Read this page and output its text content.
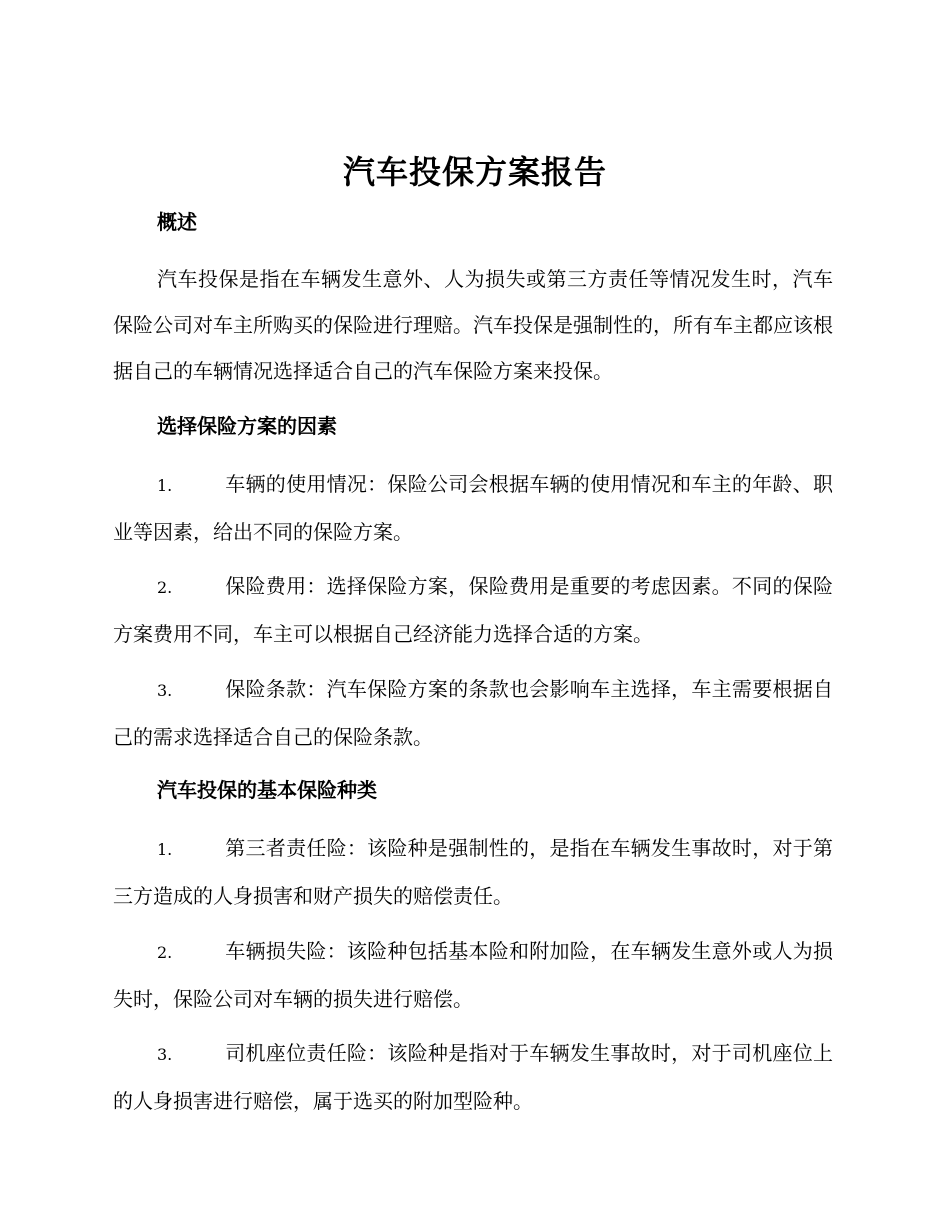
汽车投保方案报告
概述

汽车投保是指在车辆发生意外、人为损失或第三方责任等情况发生时，汽车保险公司对车主所购买的保险进行理赔。汽车投保是强制性的，所有车主都应该根据自己的车辆情况选择适合自己的汽车保险方案来投保。

选择保险方案的因素

1.	车辆的使用情况：保险公司会根据车辆的使用情况和车主的年龄、职业等因素，给出不同的保险方案。

2.	保险费用：选择保险方案，保险费用是重要的考虑因素。不同的保险方案费用不同，车主可以根据自己经济能力选择合适的方案。

3.	保险条款：汽车保险方案的条款也会影响车主选择，车主需要根据自己的需求选择适合自己的保险条款。

汽车投保的基本保险种类

1.	第三者责任险：该险种是强制性的，是指在车辆发生事故时，对于第三方造成的人身损害和财产损失的赔偿责任。

2.	车辆损失险：该险种包括基本险和附加险，在车辆发生意外或人为损失时，保险公司对车辆的损失进行赔偿。

3.	司机座位责任险：该险种是指对于车辆发生事故时，对于司机座位上的人身损害进行赔偿，属于选买的附加型险种。
